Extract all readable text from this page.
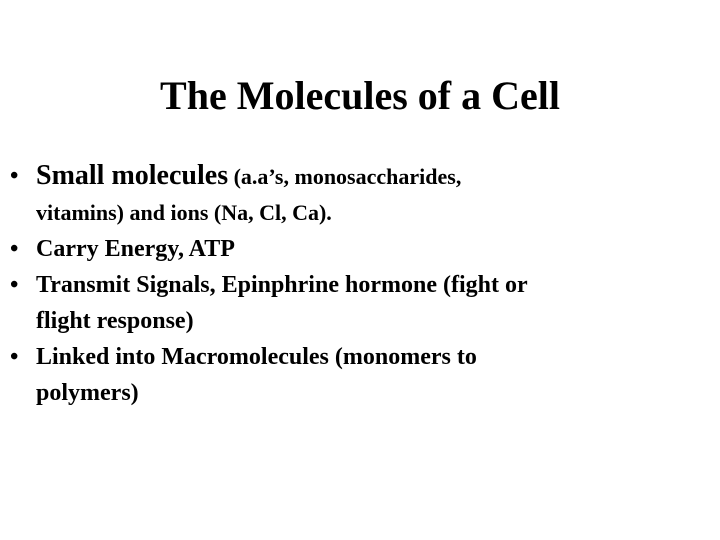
The Molecules of a Cell
• Small molecules (a.a’s, monosaccharides,
vitamins) and ions (Na, Cl, Ca).
• Carry Energy, ATP
• Transmit Signals, Epinphrine hormone (fight or
flight response)
• Linked into Macromolecules (monomers to
polymers)
